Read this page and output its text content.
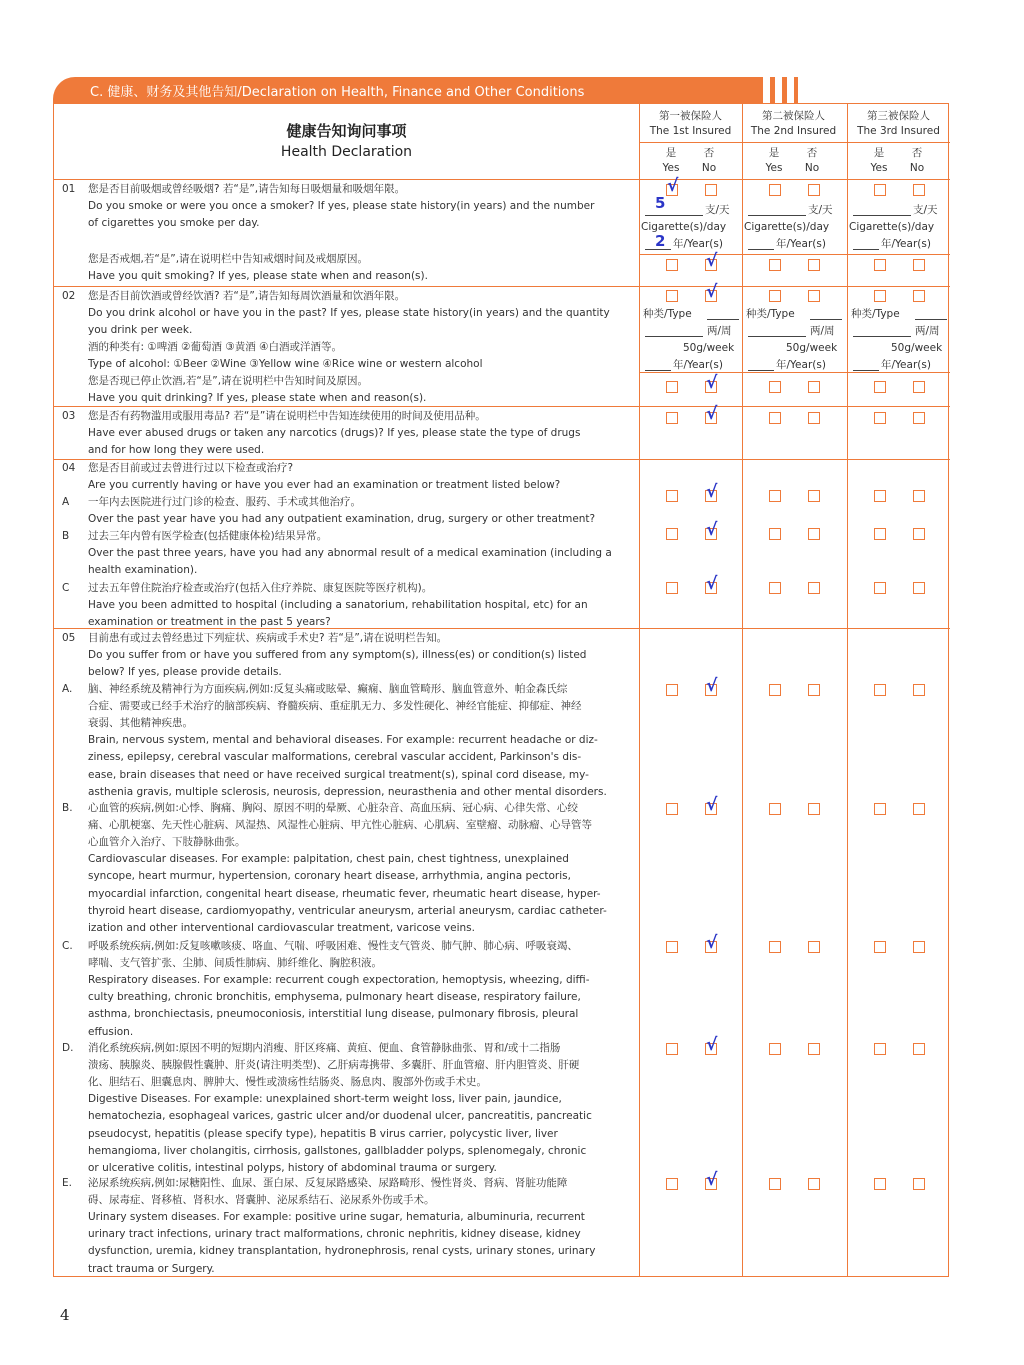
C. 健康、财务及其他告知/Declaration on Health, Finance and Other Conditions
健康告知询问事项
Health Declaration
第一被保险人
The 1st Insured
是
Yes
否
No
第二被保险人
The 2nd Insured
是
Yes
否
No
第三被保险人
The 3rd Insured
是
Yes
否
No
01 您是否目前吸烟或曾经吸烟? 若“是”,请告知每日吸烟量和吸烟年限。
Do you smoke or were you once a smoker? If yes, please state history(in years) and the number
of cigarettes you smoke per day.
您是否戒烟,若“是”,请在说明栏中告知戒烟时间及戒烟原因。
Have you quit smoking? If yes, please state when and reason(s).
√
支/天
Cigarette(s)/day
年/Year(s)
支/天
Cigarette(s)/day
年/Year(s)
支/天
Cigarette(s)/day
年/Year(s)
5
2
√
02 您是否目前饮酒或曾经饮酒? 若“是”,请告知每周饮酒量和饮酒年限。
Do you drink alcohol or have you in the past? If yes, please state history(in years) and the quantity
you drink per week.
酒的种类有: ①啤酒 ②葡萄酒 ③黄酒 ④白酒或洋酒等。
Type of alcohol: ①Beer ②Wine ③Yellow wine ④Rice wine or western alcohol
您是否现已停止饮酒,若“是”,请在说明栏中告知时间及原因。
Have you quit drinking? If yes, please state when and reason(s).
√
种类/Type
两/周
50g/week
年/Year(s)
种类/Type
两/周
50g/week
年/Year(s)
种类/Type
两/周
50g/week
年/Year(s)
√
03 您是否有药物滥用或服用毒品? 若“是”请在说明栏中告知连续使用的时间及使用品种。
Have ever abused drugs or taken any narcotics (drugs)? If yes, please state the type of drugs
and for how long they were used.
√
04 您是否目前或过去曾进行过以下检查或治疗?
Are you currently having or have you ever had an examination or treatment listed below?
A 一年内去医院进行过门诊的检查、服药、手术或其他治疗。
Over the past year have you had any outpatient examination, drug, surgery or other treatment?
√
B 过去三年内曾有医学检查(包括健康体检)结果异常。
Over the past three years, have you had any abnormal result of a medical examination (including a
health examination).
√
C 过去五年曾住院治疗检查或治疗(包括入住疗养院、康复医院等医疗机构)。
Have you been admitted to hospital (including a sanatorium, rehabilitation hospital, etc) for an
examination or treatment in the past 5 years?
√
05 目前患有或过去曾经患过下列症状、疾病或手术史? 若“是”,请在说明栏告知。
Do you suffer from or have you suffered from any symptom(s), illness(es) or condition(s) listed
below? If yes, please provide details.
A. 脑、神经系统及精神行为方面疾病,例如:反复头痛或眩晕、癫痫、脑血管畸形、脑血管意外、帕金森氏综
合症、需要或已经手术治疗的脑部疾病、脊髓疾病、重症肌无力、多发性硬化、神经官能症、抑郁症、神经
衰弱、其他精神疾患。
Brain, nervous system, mental and behavioral diseases. For example: recurrent headache or diz-
ziness, epilepsy, cerebral vascular malformations, cerebral vascular accident, Parkinson's dis-
ease, brain diseases that need or have received surgical treatment(s), spinal cord disease, my-
asthenia gravis, multiple sclerosis, neurosis, depression, neurasthenia and other mental disorders.
√
B. 心血管的疾病,例如:心悸、胸痛、胸闷、原因不明的晕厥、心脏杂音、高血压病、冠心病、心律失常、心绞
痛、心肌梗塞、先天性心脏病、风湿热、风湿性心脏病、甲亢性心脏病、心肌病、室壁瘤、动脉瘤、心导管等
心血管介入治疗、下肢静脉曲张。
Cardiovascular diseases. For example: palpitation, chest pain, chest tightness, unexplained
syncope, heart murmur, hypertension, coronary heart disease, arrhythmia, angina pectoris,
myocardial infarction, congenital heart disease, rheumatic fever, rheumatic heart disease, hyper-
thyroid heart disease, cardiomyopathy, ventricular aneurysm, arterial aneurysm, cardiac catheter-
ization and other interventional cardiovascular treatment, varicose veins.
√
C. 呼吸系统疾病,例如:反复咳嗽咳痰、咯血、气喘、呼吸困难、慢性支气管炎、肺气肿、肺心病、呼吸衰竭、
哮喘、支气管扩张、尘肺、间质性肺病、肺纤维化、胸腔积液。
Respiratory diseases. For example: recurrent cough expectoration, hemoptysis, wheezing, diffi-
culty breathing, chronic bronchitis, emphysema, pulmonary heart disease, respiratory failure,
asthma, bronchiectasis, pneumoconiosis, interstitial lung disease, pulmonary fibrosis, pleural
effusion.
√
D. 消化系统疾病,例如:原因不明的短期内消瘦、肝区疼痛、黄疸、便血、食管静脉曲张、胃和/或十二指肠
溃疡、胰腺炎、胰腺假性囊肿、肝炎(请注明类型)、乙肝病毒携带、多囊肝、肝血管瘤、肝内胆管炎、肝硬
化、胆结石、胆囊息肉、脾肿大、慢性或溃疡性结肠炎、肠息肉、腹部外伤或手术史。
Digestive Diseases. For example: unexplained short-term weight loss, liver pain, jaundice,
hematochezia, esophageal varices, gastric ulcer and/or duodenal ulcer, pancreatitis, pancreatic
pseudocyst, hepatitis (please specify type), hepatitis B virus carrier, polycystic liver, liver
hemangioma, liver cholangitis, cirrhosis, gallstones, gallbladder polyps, splenomegaly, chronic
or ulcerative colitis, intestinal polyps, history of abdominal trauma or surgery.
√
E. 泌尿系统疾病,例如:尿糖阳性、血尿、蛋白尿、反复尿路感染、尿路畸形、慢性肾炎、肾病、肾脏功能障
碍、尿毒症、肾移植、肾积水、肾囊肿、泌尿系结石、泌尿系外伤或手术。
Urinary system diseases. For example: positive urine sugar, hematuria, albuminuria, recurrent
urinary tract infections, urinary tract malformations, chronic nephritis, kidney disease, kidney
dysfunction, uremia, kidney transplantation, hydronephrosis, renal cysts, urinary stones, urinary
tract trauma or Surgery.
√
4
